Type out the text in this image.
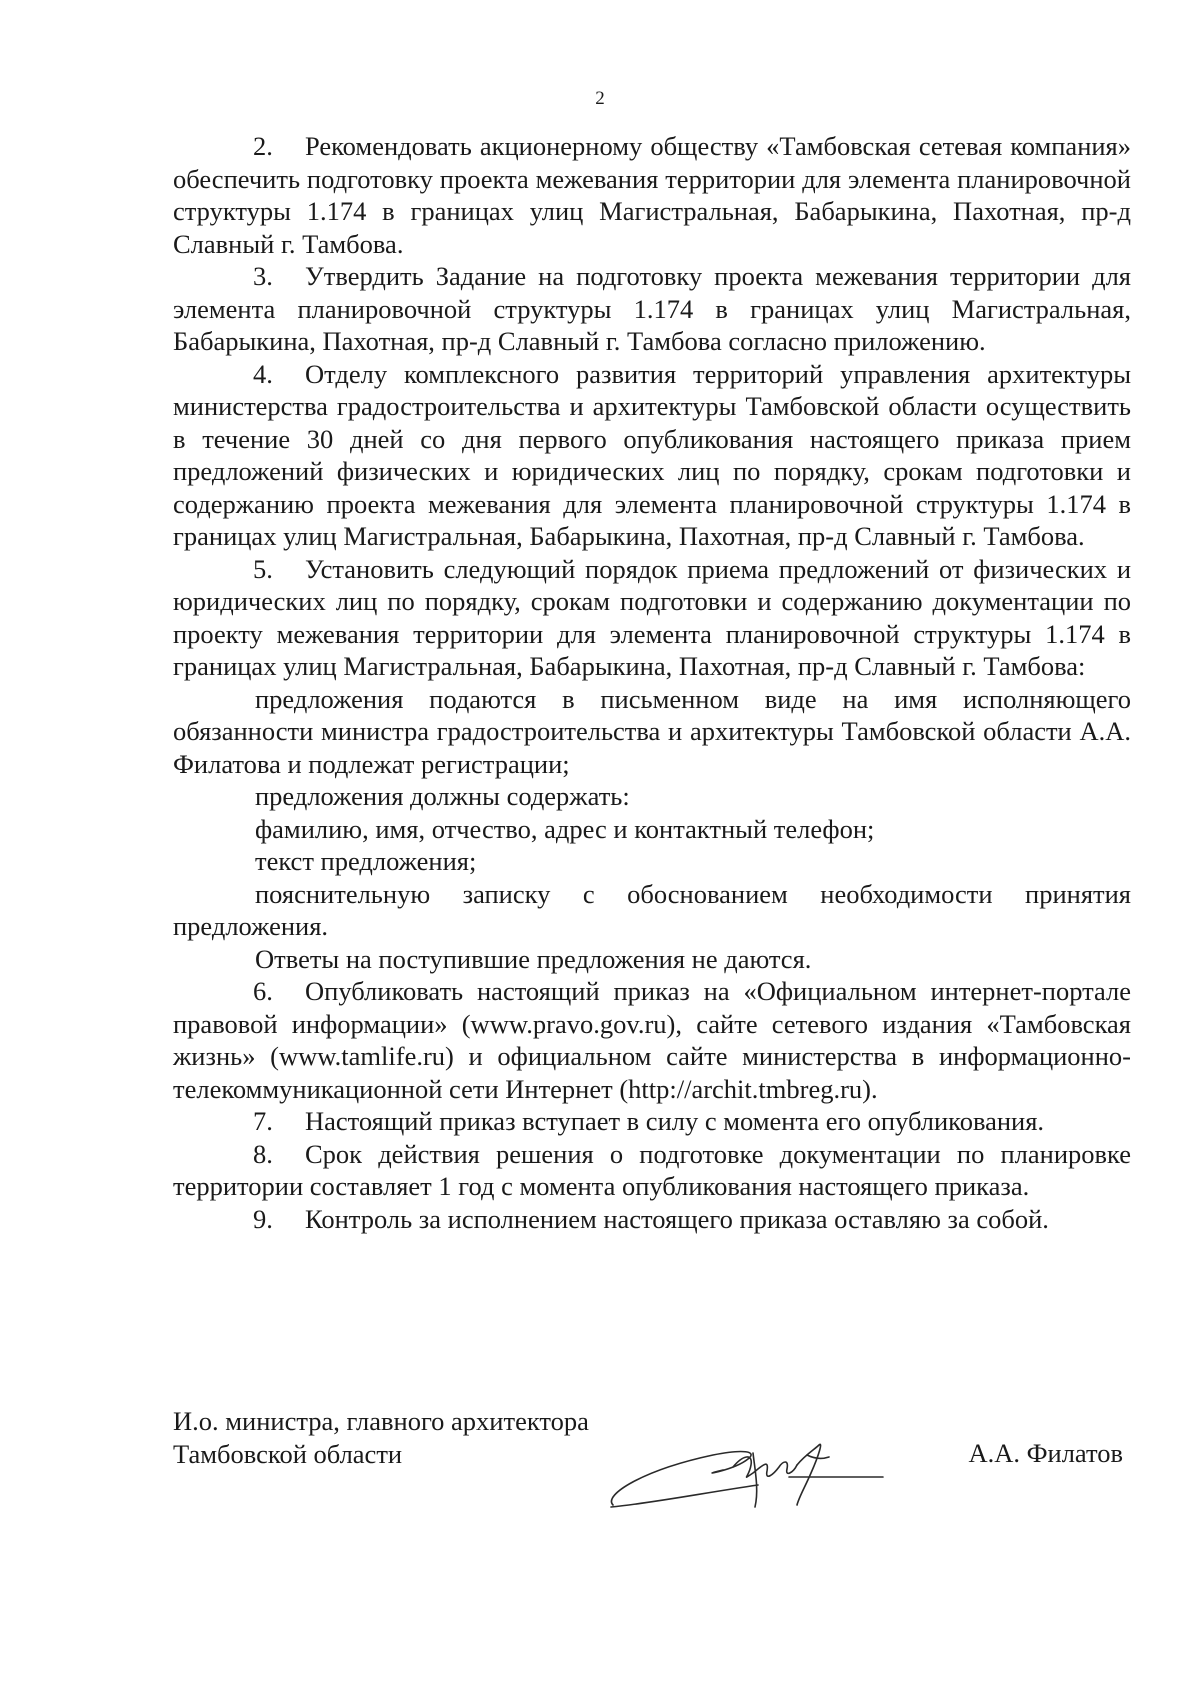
2

2. Рекомендовать акционерному обществу «Тамбовская сетевая компания» обеспечить подготовку проекта межевания территории для элемента планировочной структуры 1.174 в границах улиц Магистральная, Бабарыкина, Пахотная, пр-д Славный г. Тамбова.

3. Утвердить Задание на подготовку проекта межевания территории для элемента планировочной структуры 1.174 в границах улиц Магистральная, Бабарыкина, Пахотная, пр-д Славный г. Тамбова согласно приложению.

4. Отделу комплексного развития территорий управления архитектуры министерства градостроительства и архитектуры Тамбовской области осуществить в течение 30 дней со дня первого опубликования настоящего приказа прием предложений физических и юридических лиц по порядку, срокам подготовки и содержанию проекта межевания для элемента планировочной структуры 1.174 в границах улиц Магистральная, Бабарыкина, Пахотная, пр-д Славный г. Тамбова.

5. Установить следующий порядок приема предложений от физических и юридических лиц по порядку, срокам подготовки и содержанию документации по проекту межевания территории для элемента планировочной структуры 1.174 в границах улиц Магистральная, Бабарыкина, Пахотная, пр-д Славный г. Тамбова:

предложения подаются в письменном виде на имя исполняющего обязанности министра градостроительства и архитектуры Тамбовской области А.А. Филатова и подлежат регистрации;

предложения должны содержать:

фамилию, имя, отчество, адрес и контактный телефон;

текст предложения;

пояснительную записку с обоснованием необходимости принятия предложения.

Ответы на поступившие предложения не даются.

6. Опубликовать настоящий приказ на «Официальном интернет-портале правовой информации» (www.pravo.gov.ru), сайте сетевого издания «Тамбовская жизнь» (www.tamlife.ru) и официальном сайте министерства в информационно-телекоммуникационной сети Интернет (http://archit.tmbreg.ru).

7. Настоящий приказ вступает в силу с момента его опубликования.

8. Срок действия решения о подготовке документации по планировке территории составляет 1 год с момента опубликования настоящего приказа.

9. Контроль за исполнением настоящего приказа оставляю за собой.

И.о. министра, главного архитектора
Тамбовской области	А.А. Филатов
